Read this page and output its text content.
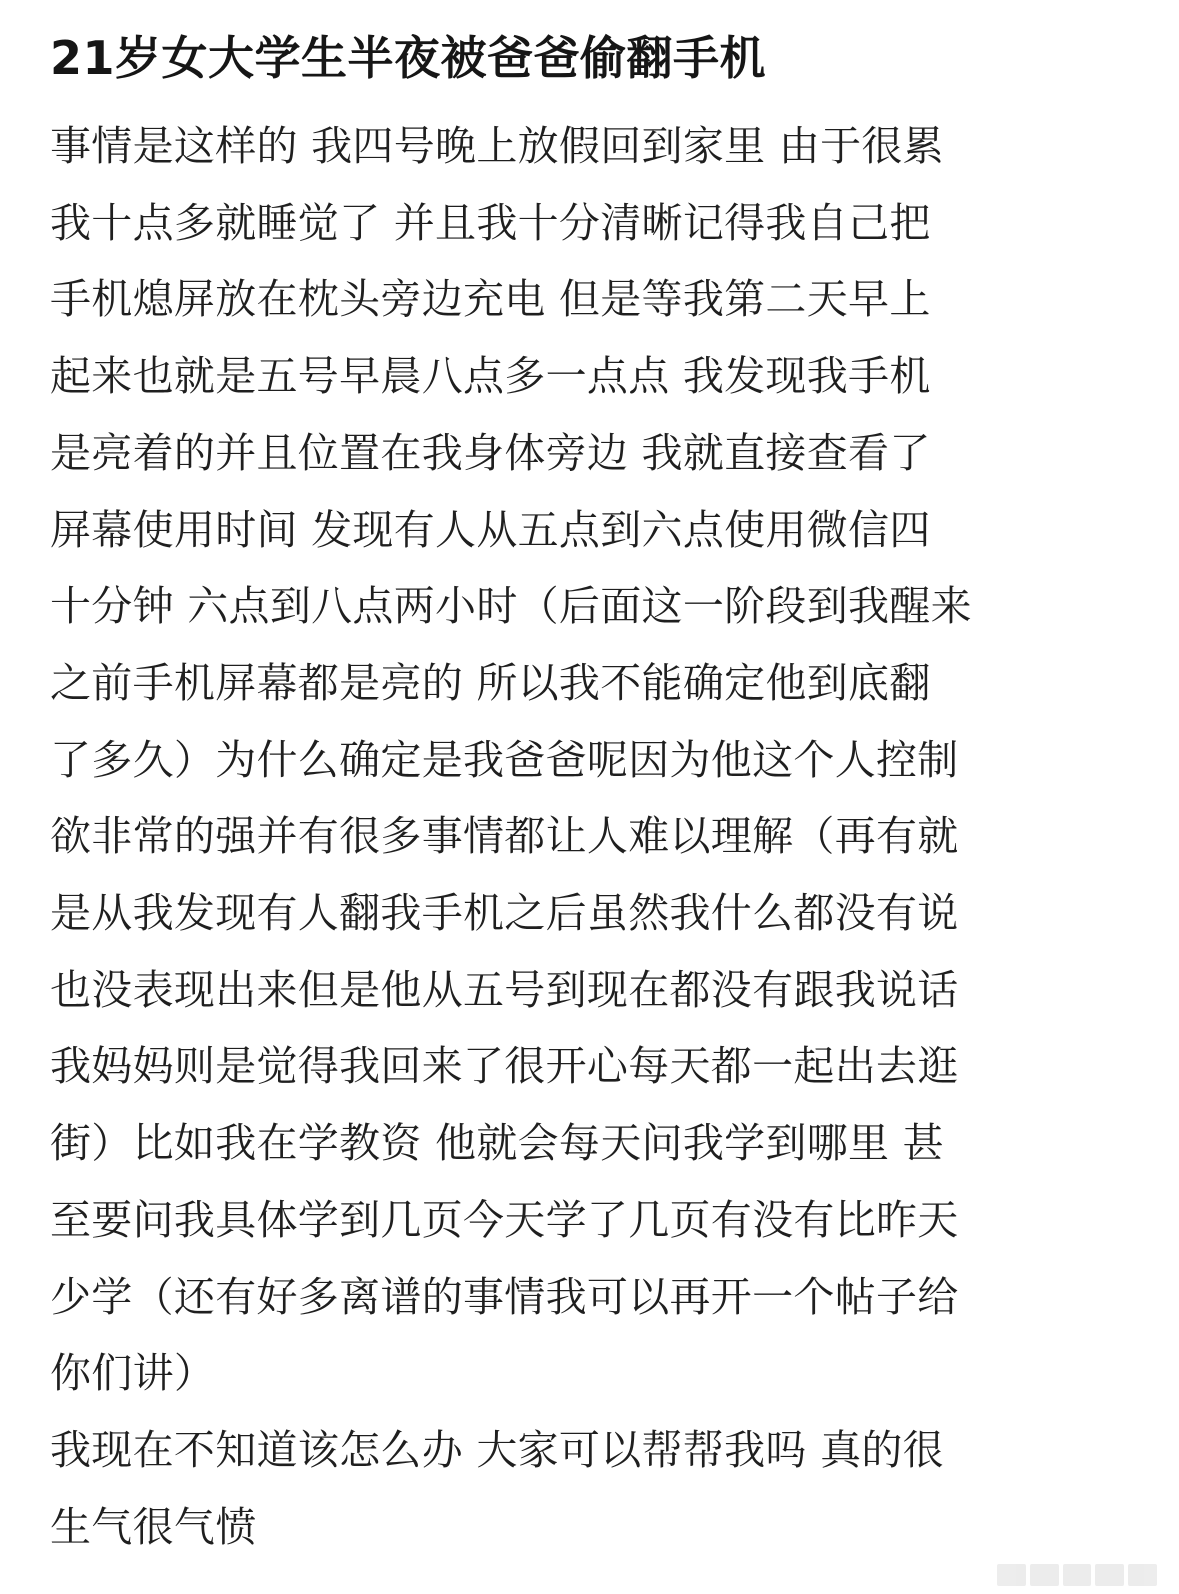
21岁女大学生半夜被爸爸偷翻手机
事情是这样的 我四号晚上放假回到家里 由于很累
我十点多就睡觉了 并且我十分清晰记得我自己把
手机熄屏放在枕头旁边充电 但是等我第二天早上
起来也就是五号早晨八点多一点点 我发现我手机
是亮着的并且位置在我身体旁边 我就直接查看了
屏幕使用时间 发现有人从五点到六点使用微信四
十分钟 六点到八点两小时（后面这一阶段到我醒来
之前手机屏幕都是亮的 所以我不能确定他到底翻
了多久）为什么确定是我爸爸呢因为他这个人控制
欲非常的强并有很多事情都让人难以理解（再有就
是从我发现有人翻我手机之后虽然我什么都没有说
也没表现出来但是他从五号到现在都没有跟我说话
我妈妈则是觉得我回来了很开心每天都一起出去逛
街）比如我在学教资 他就会每天问我学到哪里 甚
至要问我具体学到几页今天学了几页有没有比昨天
少学（还有好多离谱的事情我可以再开一个帖子给
你们讲）
我现在不知道该怎么办 大家可以帮帮我吗 真的很
生气很气愤
